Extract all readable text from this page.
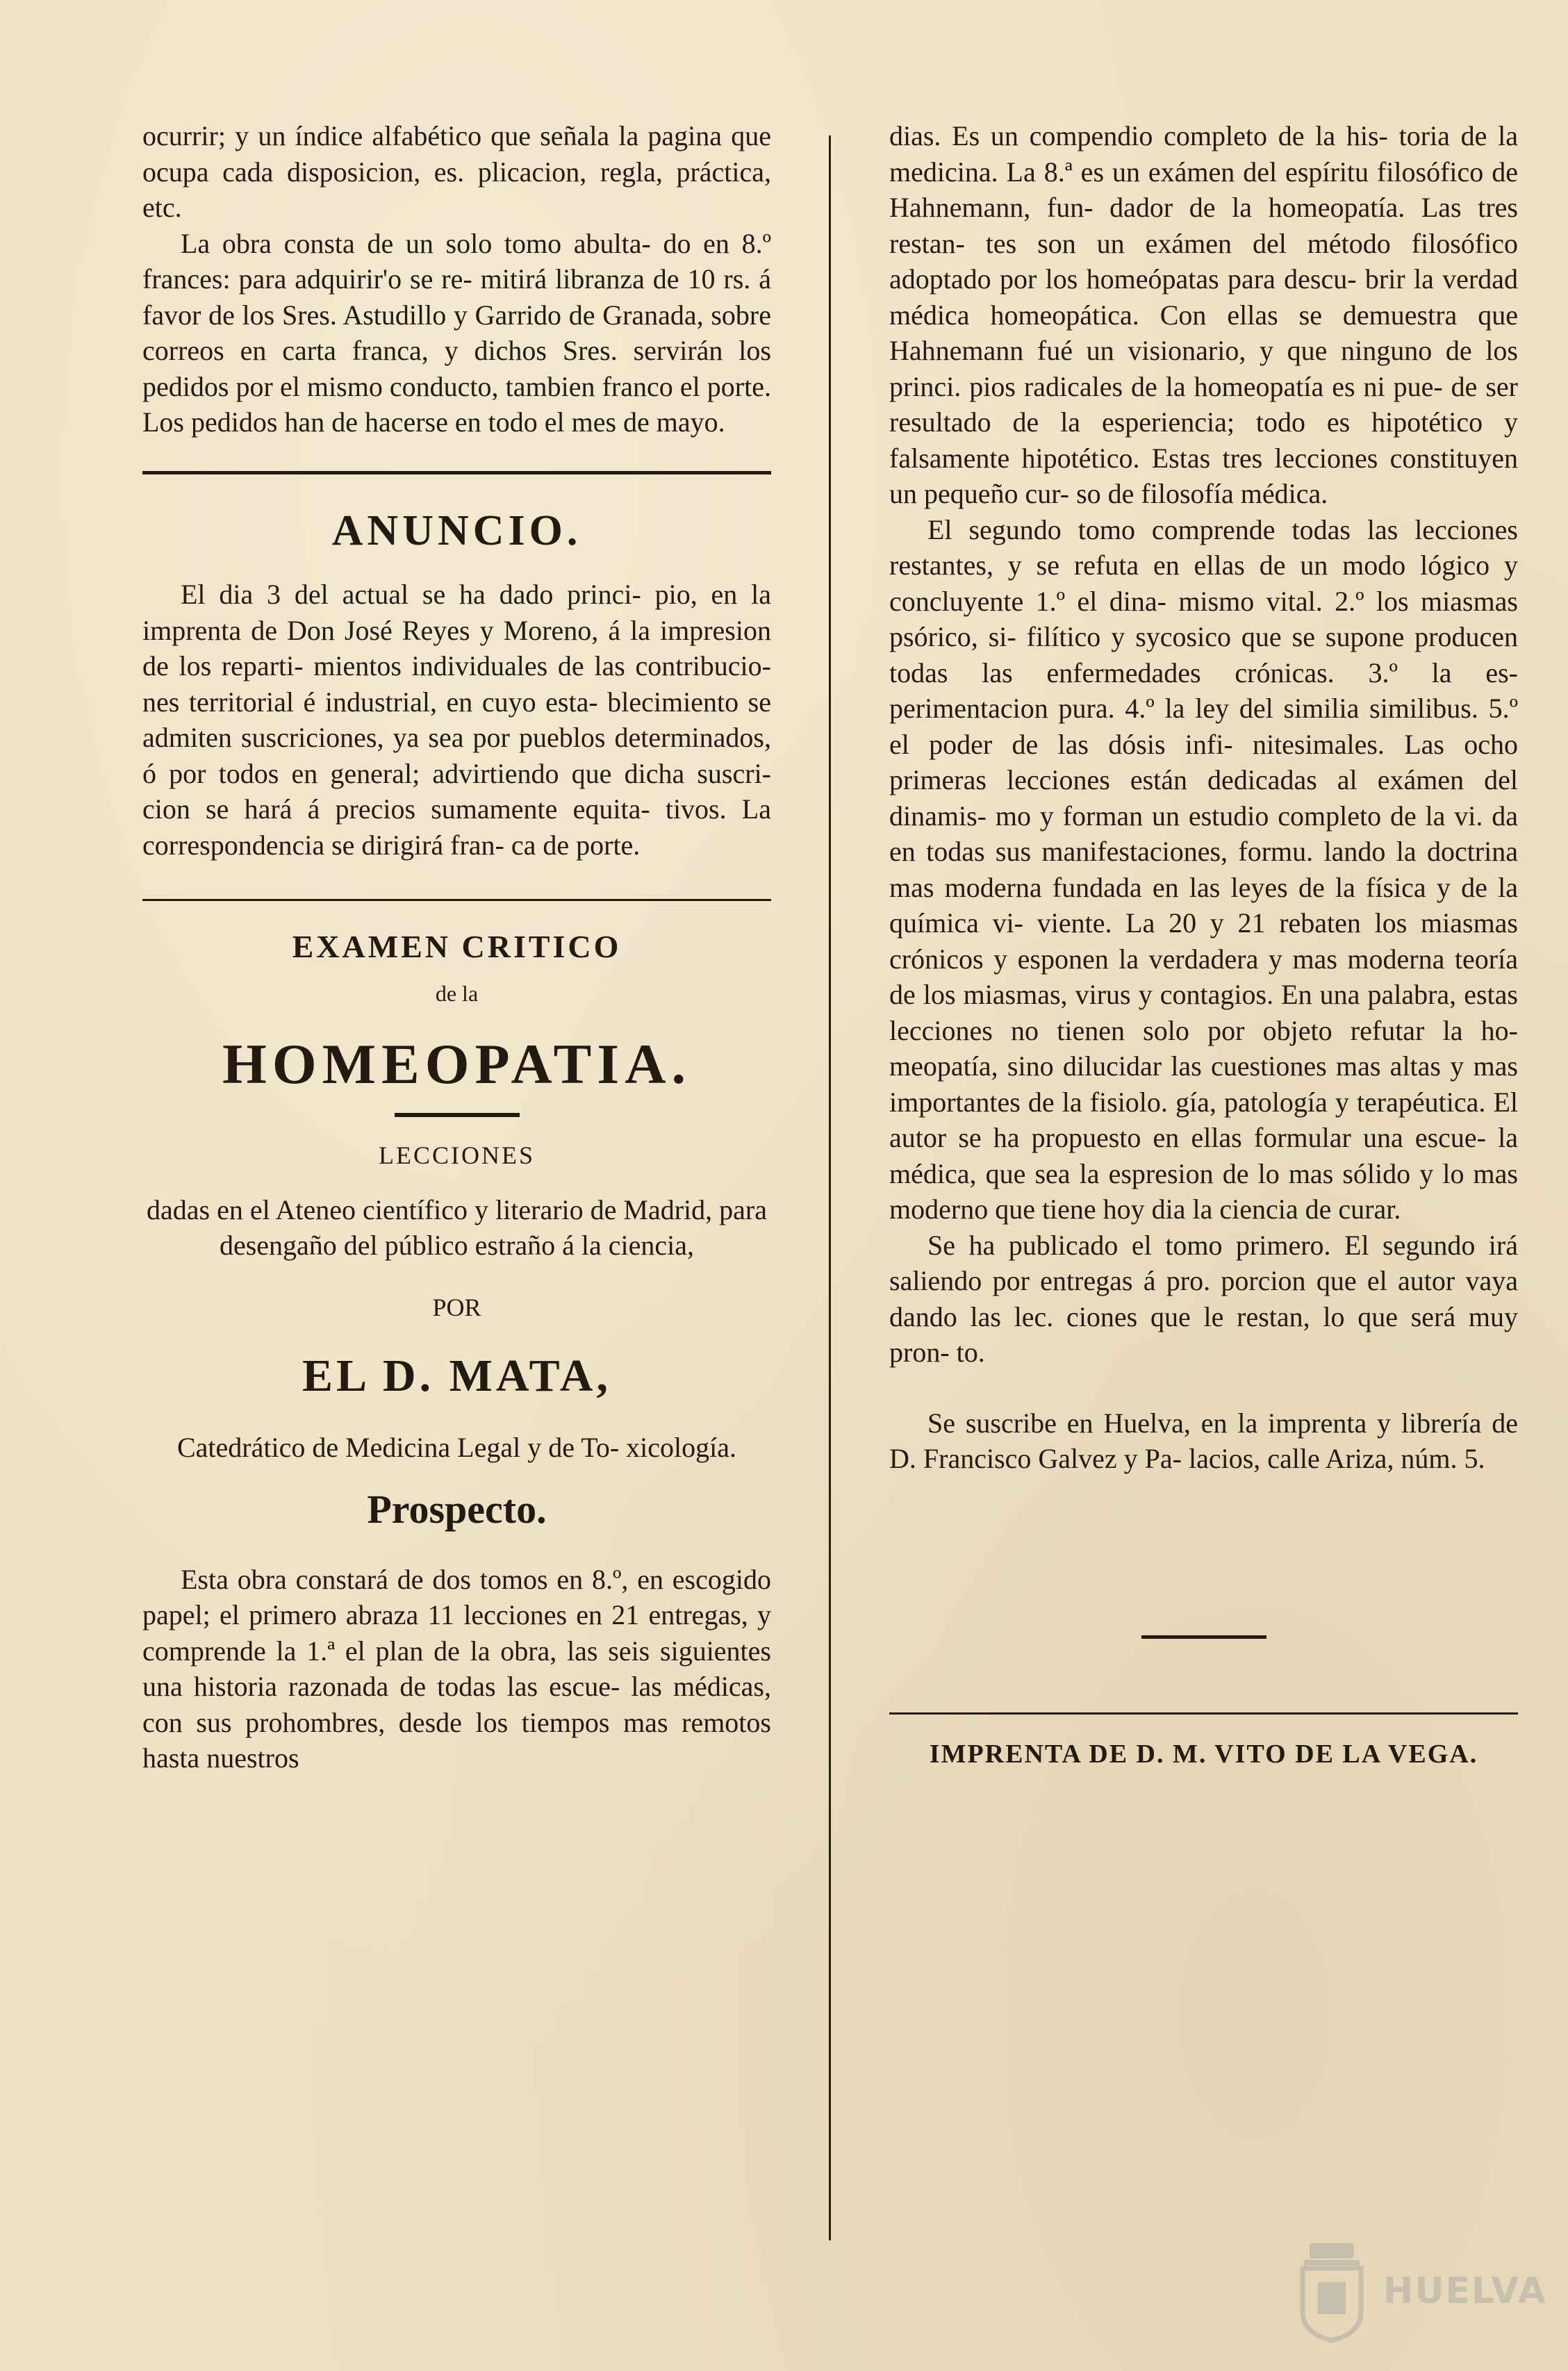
ocurrir; y un índice alfabético que señala la pagina que ocupa cada disposicion, es. plicacion, regla, práctica, etc.

La obra consta de un solo tomo abulta- do en 8.º frances: para adquirir'o se re- mitirá libranza de 10 rs. á favor de los Sres. Astudillo y Garrido de Granada, sobre correos en carta franca, y dichos Sres. servirán los pedidos por el mismo conducto, tambien franco el porte. Los pedidos han de hacerse en todo el mes de mayo.

ANUNCIO.

El dia 3 del actual se ha dado princi- pio, en la imprenta de Don José Reyes y Moreno, á la impresion de los reparti- mientos individuales de las contribucio- nes territorial é industrial, en cuyo esta- blecimiento se admiten suscriciones, ya sea por pueblos determinados, ó por todos en general; advirtiendo que dicha suscri- cion se hará á precios sumamente equita- tivos. La correspondencia se dirigirá fran- ca de porte.

EXAMEN CRITICO
de la
HOMEOPATIA.
LECCIONES

dadas en el Ateneo científico y literario de Madrid, para desengaño del público estraño á la ciencia,

POR
EL D. MATA,

Catedrático de Medicina Legal y de To- xicología.

Prospecto.

Esta obra constará de dos tomos en 8.º, en escogido papel; el primero abraza 11 lecciones en 21 entregas, y comprende la 1.ª el plan de la obra, las seis siguientes una historia razonada de todas las escue- las médicas, con sus prohombres, desde los tiempos mas remotos hasta nuestros

dias. Es un compendio completo de la his- toria de la medicina. La 8.ª es un exámen del espíritu filosófico de Hahnemann, fun- dador de la homeopatía. Las tres restan- tes son un exámen del método filosófico adoptado por los homeópatas para descu- brir la verdad médica homeopática. Con ellas se demuestra que Hahnemann fué un visionario, y que ninguno de los princi. pios radicales de la homeopatía es ni pue- de ser resultado de la esperiencia; todo es hipotético y falsamente hipotético. Estas tres lecciones constituyen un pequeño cur- so de filosofía médica.

El segundo tomo comprende todas las lecciones restantes, y se refuta en ellas de un modo lógico y concluyente 1.º el dina- mismo vital. 2.º los miasmas psórico, si- filítico y sycosico que se supone producen todas las enfermedades crónicas. 3.º la es- perimentacion pura. 4.º la ley del similia similibus. 5.º el poder de las dósis infi- nitesimales. Las ocho primeras lecciones están dedicadas al exámen del dinamis- mo y forman un estudio completo de la vi. da en todas sus manifestaciones, formu. lando la doctrina mas moderna fundada en las leyes de la física y de la química vi- viente. La 20 y 21 rebaten los miasmas crónicos y esponen la verdadera y mas moderna teoría de los miasmas, virus y contagios. En una palabra, estas lecciones no tienen solo por objeto refutar la ho- meopatía, sino dilucidar las cuestiones mas altas y mas importantes de la fisiolo. gía, patología y terapéutica. El autor se ha propuesto en ellas formular una escue- la médica, que sea la espresion de lo mas sólido y lo mas moderno que tiene hoy dia la ciencia de curar.

Se ha publicado el tomo primero. El segundo irá saliendo por entregas á pro. porcion que el autor vaya dando las lec. ciones que le restan, lo que será muy pron- to.

Se suscribe en Huelva, en la imprenta y librería de D. Francisco Galvez y Pa- lacios, calle Ariza, núm. 5.

IMPRENTA DE D. M. VITO DE LA VEGA.
HUELVA
